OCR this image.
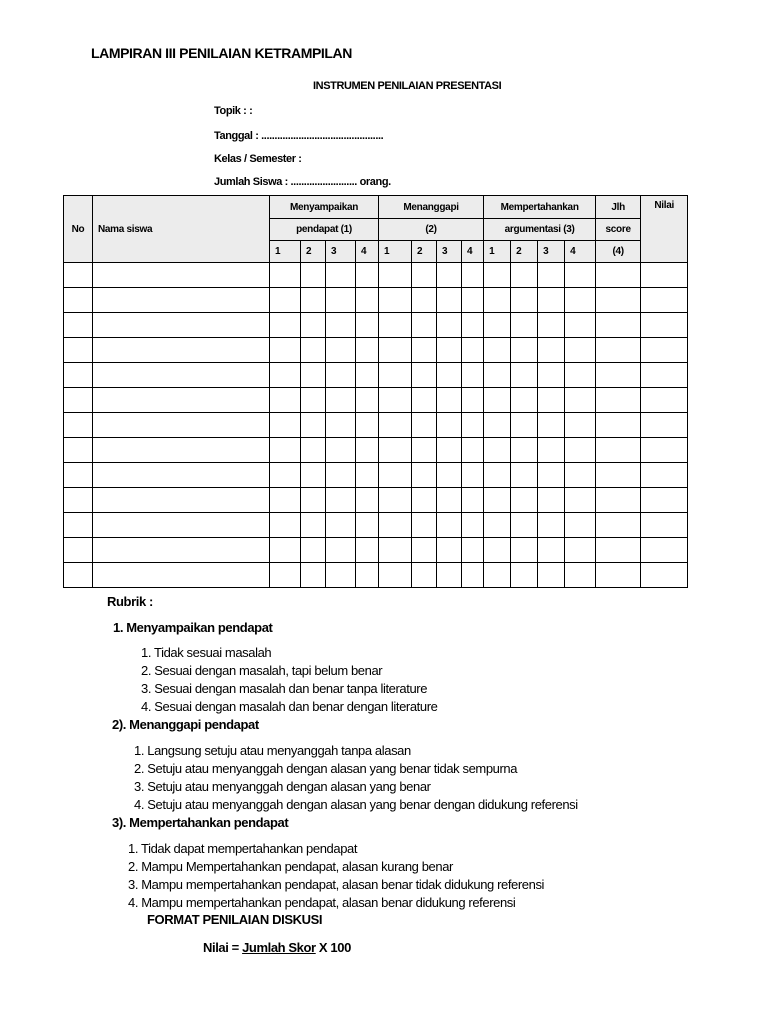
LAMPIRAN III PENILAIAN KETRAMPILAN
INSTRUMEN PENILAIAN PRESENTASI
Topik : :
Tanggal : ..............................................
Kelas / Semester :
Jumlah Siswa : ......................... orang.
No	Nama siswa	Menyampaikan				Menanggapi				Mempertahankan				Jlh	Nilai
		pendapat (1)				(2)				argumentasi (3)				score	
		1	2	3	4	1	2	3	4	1	2	3	4	(4)	

Rubrik :
1. Menyampaikan pendapat
1. Tidak sesuai masalah
2. Sesuai dengan masalah, tapi belum benar
3. Sesuai dengan masalah dan benar tanpa literature
4. Sesuai dengan masalah dan benar dengan literature
2). Menanggapi pendapat
1. Langsung setuju atau menyanggah tanpa alasan
2. Setuju atau menyanggah dengan alasan yang benar tidak sempurna
3. Setuju atau menyanggah dengan alasan yang benar
4. Setuju atau menyanggah dengan alasan yang benar dengan didukung referensi
3). Mempertahankan pendapat
1. Tidak dapat mempertahankan pendapat
2. Mampu Mempertahankan pendapat, alasan kurang benar
3. Mampu mempertahankan pendapat, alasan benar tidak didukung referensi
4. Mampu mempertahankan pendapat, alasan benar didukung referensi
FORMAT PENILAIAN DISKUSI
Nilai = Jumlah Skor X 100
